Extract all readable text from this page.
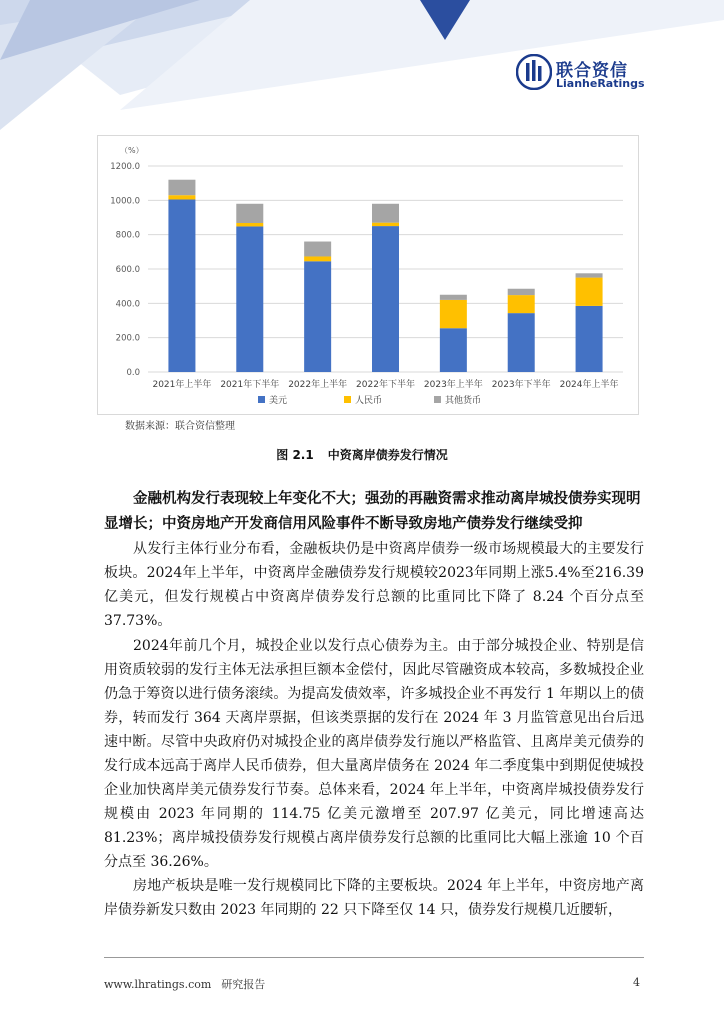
联合资信
LianheRatings
（%）
0.0
200.0
400.0
600.0
800.0
1000.0
1200.0
2021年上半年 2021年下半年 2022年上半年 2022年下半年 2023年上半年 2023年下半年 2024年上半年
美元	人民币	其他货币
数据来源：联合资信整理
图 2.1 中资离岸债券发行情况
金融机构发行表现较上年变化不大；强劲的再融资需求推动离岸城投债券实现明显增长；中资房地产开发商信用风险事件不断导致房地产债券发行继续受抑

从发行主体行业分布看，金融板块仍是中资离岸债券一级市场规模最大的主要发行板块。2024年上半年，中资离岸金融债券发行规模较2023年同期上涨5.4%至216.39亿美元，但发行规模占中资离岸债券发行总额的比重同比下降了 8.24 个百分点至37.73%。

2024年前几个月，城投企业以发行点心债券为主。由于部分城投企业、特别是信用资质较弱的发行主体无法承担巨额本金偿付，因此尽管融资成本较高，多数城投企业仍急于筹资以进行债务滚续。为提高发债效率，许多城投企业不再发行 1 年期以上的债券，转而发行 364 天离岸票据，但该类票据的发行在 2024 年 3 月监管意见出台后迅速中断。尽管中央政府仍对城投企业的离岸债券发行施以严格监管、且离岸美元债券的发行成本远高于离岸人民币债券，但大量离岸债务在 2024 年二季度集中到期促使城投企业加快离岸美元债券发行节奏。总体来看，2024 年上半年，中资离岸城投债券发行规模由 2023 年同期的 114.75 亿美元激增至 207.97 亿美元，同比增速高达81.23%；离岸城投债券发行规模占离岸债券发行总额的比重同比大幅上涨逾 10 个百分点至 36.26%。

房地产板块是唯一发行规模同比下降的主要板块。2024 年上半年，中资房地产离岸债券新发只数由 2023 年同期的 22 只下降至仅 14 只，债券发行规模几近腰斩，

www.lhratings.com 研究报告	4
